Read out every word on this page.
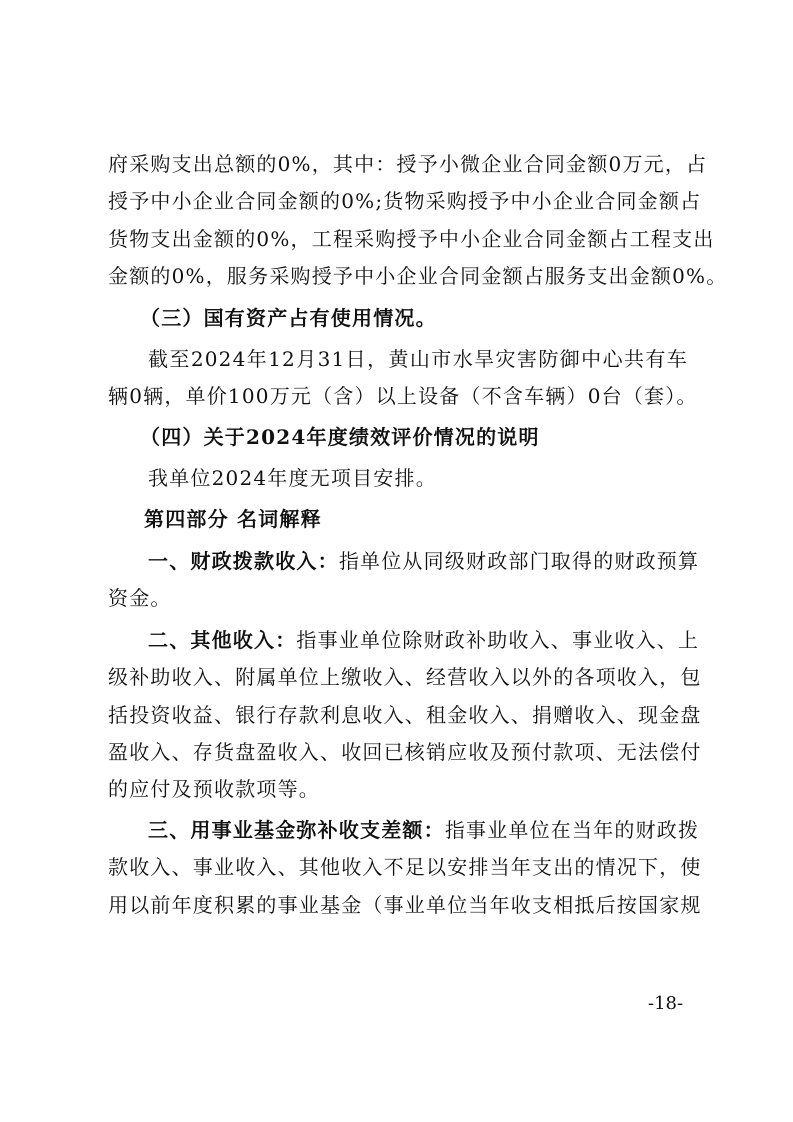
府采购支出总额的0%，其中：授予小微企业合同金额0万元，占
授予中小企业合同金额的0%;货物采购授予中小企业合同金额占
货物支出金额的0%，工程采购授予中小企业合同金额占工程支出
金额的0%，服务采购授予中小企业合同金额占服务支出金额0%。
（三）国有资产占有使用情况。
截至2024年12月31日，黄山市水旱灾害防御中心共有车
辆0辆，单价100万元（含）以上设备（不含车辆）0台（套）。
（四）关于2024年度绩效评价情况的说明
我单位2024年度无项目安排。
第四部分 名词解释
一、财政拨款收入：指单位从同级财政部门取得的财政预算
资金。
二、其他收入：指事业单位除财政补助收入、事业收入、上
级补助收入、附属单位上缴收入、经营收入以外的各项收入，包
括投资收益、银行存款利息收入、租金收入、捐赠收入、现金盘
盈收入、存货盘盈收入、收回已核销应收及预付款项、无法偿付
的应付及预收款项等。
三、用事业基金弥补收支差额：指事业单位在当年的财政拨
款收入、事业收入、其他收入不足以安排当年支出的情况下，使
用以前年度积累的事业基金（事业单位当年收支相抵后按国家规
-18-
